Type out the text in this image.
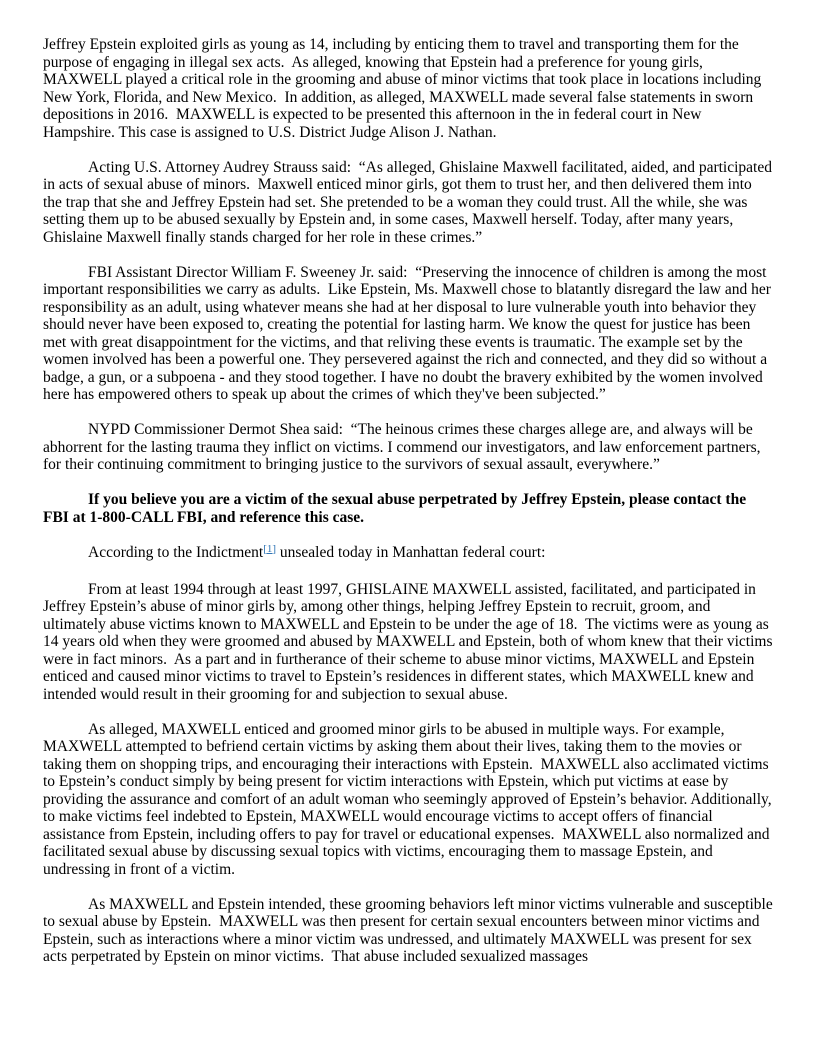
Jeffrey Epstein exploited girls as young as 14, including by enticing them to travel and transporting them for the purpose of engaging in illegal sex acts.  As alleged, knowing that Epstein had a preference for young girls, MAXWELL played a critical role in the grooming and abuse of minor victims that took place in locations including New York, Florida, and New Mexico.  In addition, as alleged, MAXWELL made several false statements in sworn depositions in 2016.  MAXWELL is expected to be presented this afternoon in the in federal court in New Hampshire. This case is assigned to U.S. District Judge Alison J. Nathan.

Acting U.S. Attorney Audrey Strauss said:  “As alleged, Ghislaine Maxwell facilitated, aided, and participated in acts of sexual abuse of minors.  Maxwell enticed minor girls, got them to trust her, and then delivered them into the trap that she and Jeffrey Epstein had set. She pretended to be a woman they could trust. All the while, she was setting them up to be abused sexually by Epstein and, in some cases, Maxwell herself. Today, after many years, Ghislaine Maxwell finally stands charged for her role in these crimes.”

FBI Assistant Director William F. Sweeney Jr. said:  “Preserving the innocence of children is among the most important responsibilities we carry as adults.  Like Epstein, Ms. Maxwell chose to blatantly disregard the law and her responsibility as an adult, using whatever means she had at her disposal to lure vulnerable youth into behavior they should never have been exposed to, creating the potential for lasting harm. We know the quest for justice has been met with great disappointment for the victims, and that reliving these events is traumatic. The example set by the women involved has been a powerful one. They persevered against the rich and connected, and they did so without a badge, a gun, or a subpoena - and they stood together. I have no doubt the bravery exhibited by the women involved here has empowered others to speak up about the crimes of which they've been subjected.”

NYPD Commissioner Dermot Shea said:  “The heinous crimes these charges allege are, and always will be abhorrent for the lasting trauma they inflict on victims. I commend our investigators, and law enforcement partners, for their continuing commitment to bringing justice to the survivors of sexual assault, everywhere.”

If you believe you are a victim of the sexual abuse perpetrated by Jeffrey Epstein, please contact the FBI at 1-800-CALL FBI, and reference this case.

According to the Indictment[1] unsealed today in Manhattan federal court:

From at least 1994 through at least 1997, GHISLAINE MAXWELL assisted, facilitated, and participated in Jeffrey Epstein’s abuse of minor girls by, among other things, helping Jeffrey Epstein to recruit, groom, and ultimately abuse victims known to MAXWELL and Epstein to be under the age of 18.  The victims were as young as 14 years old when they were groomed and abused by MAXWELL and Epstein, both of whom knew that their victims were in fact minors.  As a part and in furtherance of their scheme to abuse minor victims, MAXWELL and Epstein enticed and caused minor victims to travel to Epstein’s residences in different states, which MAXWELL knew and intended would result in their grooming for and subjection to sexual abuse.

As alleged, MAXWELL enticed and groomed minor girls to be abused in multiple ways. For example, MAXWELL attempted to befriend certain victims by asking them about their lives, taking them to the movies or taking them on shopping trips, and encouraging their interactions with Epstein.  MAXWELL also acclimated victims to Epstein’s conduct simply by being present for victim interactions with Epstein, which put victims at ease by providing the assurance and comfort of an adult woman who seemingly approved of Epstein’s behavior. Additionally, to make victims feel indebted to Epstein, MAXWELL would encourage victims to accept offers of financial assistance from Epstein, including offers to pay for travel or educational expenses.  MAXWELL also normalized and facilitated sexual abuse by discussing sexual topics with victims, encouraging them to massage Epstein, and undressing in front of a victim.

As MAXWELL and Epstein intended, these grooming behaviors left minor victims vulnerable and susceptible to sexual abuse by Epstein.  MAXWELL was then present for certain sexual encounters between minor victims and Epstein, such as interactions where a minor victim was undressed, and ultimately MAXWELL was present for sex acts perpetrated by Epstein on minor victims.  That abuse included sexualized massages
